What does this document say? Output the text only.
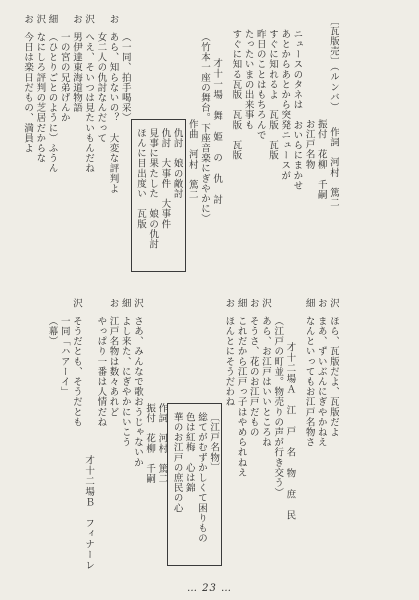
〔瓦版売〕（ルンバ）作詞　河村　篤二
振付　花柳　千嗣
お江戸名物
ニュースのタネは　おいらにまかせ
あとからあとから突発ニュースが
すぐに知れるよ　瓦版　瓦版
昨日のことはもちろんで
たったいまの出来事も
すぐに知る瓦版　瓦版　瓦版
才十一場　舞　姫　の　仇　討
（竹本一座の舞台。下座音楽にぎやかに）
作曲　河村　篤二
仇討　娘の敵討
仇討　大事件　大事件
見事に果たした　娘の仇討
ほんに目出度い　瓦版
（一同、拍手喝采）
おあら、知らないの？　大変な評判よ
女二人の仇討なんだって
沢へえ、そいつは見たいもんだね
お男伊達東海道物語
一の宮の兄弟げんか
細（ひとりごとのように）ふうん
沢なにしろ評判の芝居だからな
お今日は楽日だもの、満員よ
沢ほら、瓦版だよ、瓦版だよ
おまあ、ずいぶんにぎやかねえ
細なんといってもお江戸名物さ
才十二場Ａ　江　戸　名　物　庶　民
（江戸の町並。物売りの声が行き交う）
沢あら、お江戸はいいところね
おそうさ、花のお江戸だもの
細これだから江戸っ子はやめられねえ
おほんとにそうだわね
〔江戸名物〕
総てがむずかしくて困りもの
色は紅梅　心は錦
華のお江戸の庶民の心
作詞　河村　篤二
振付　花柳　千嗣
沢さあ、みんなで歌おうじゃないか
細よし来た、にぎやかにいこう
お江戸名物は数々あれど
やっぱり一番は人情だね
才十二場Ｂ　フィナーレ
沢そうだとも、そうだとも
一同「ハアーイ」
（幕）
… 23 …
